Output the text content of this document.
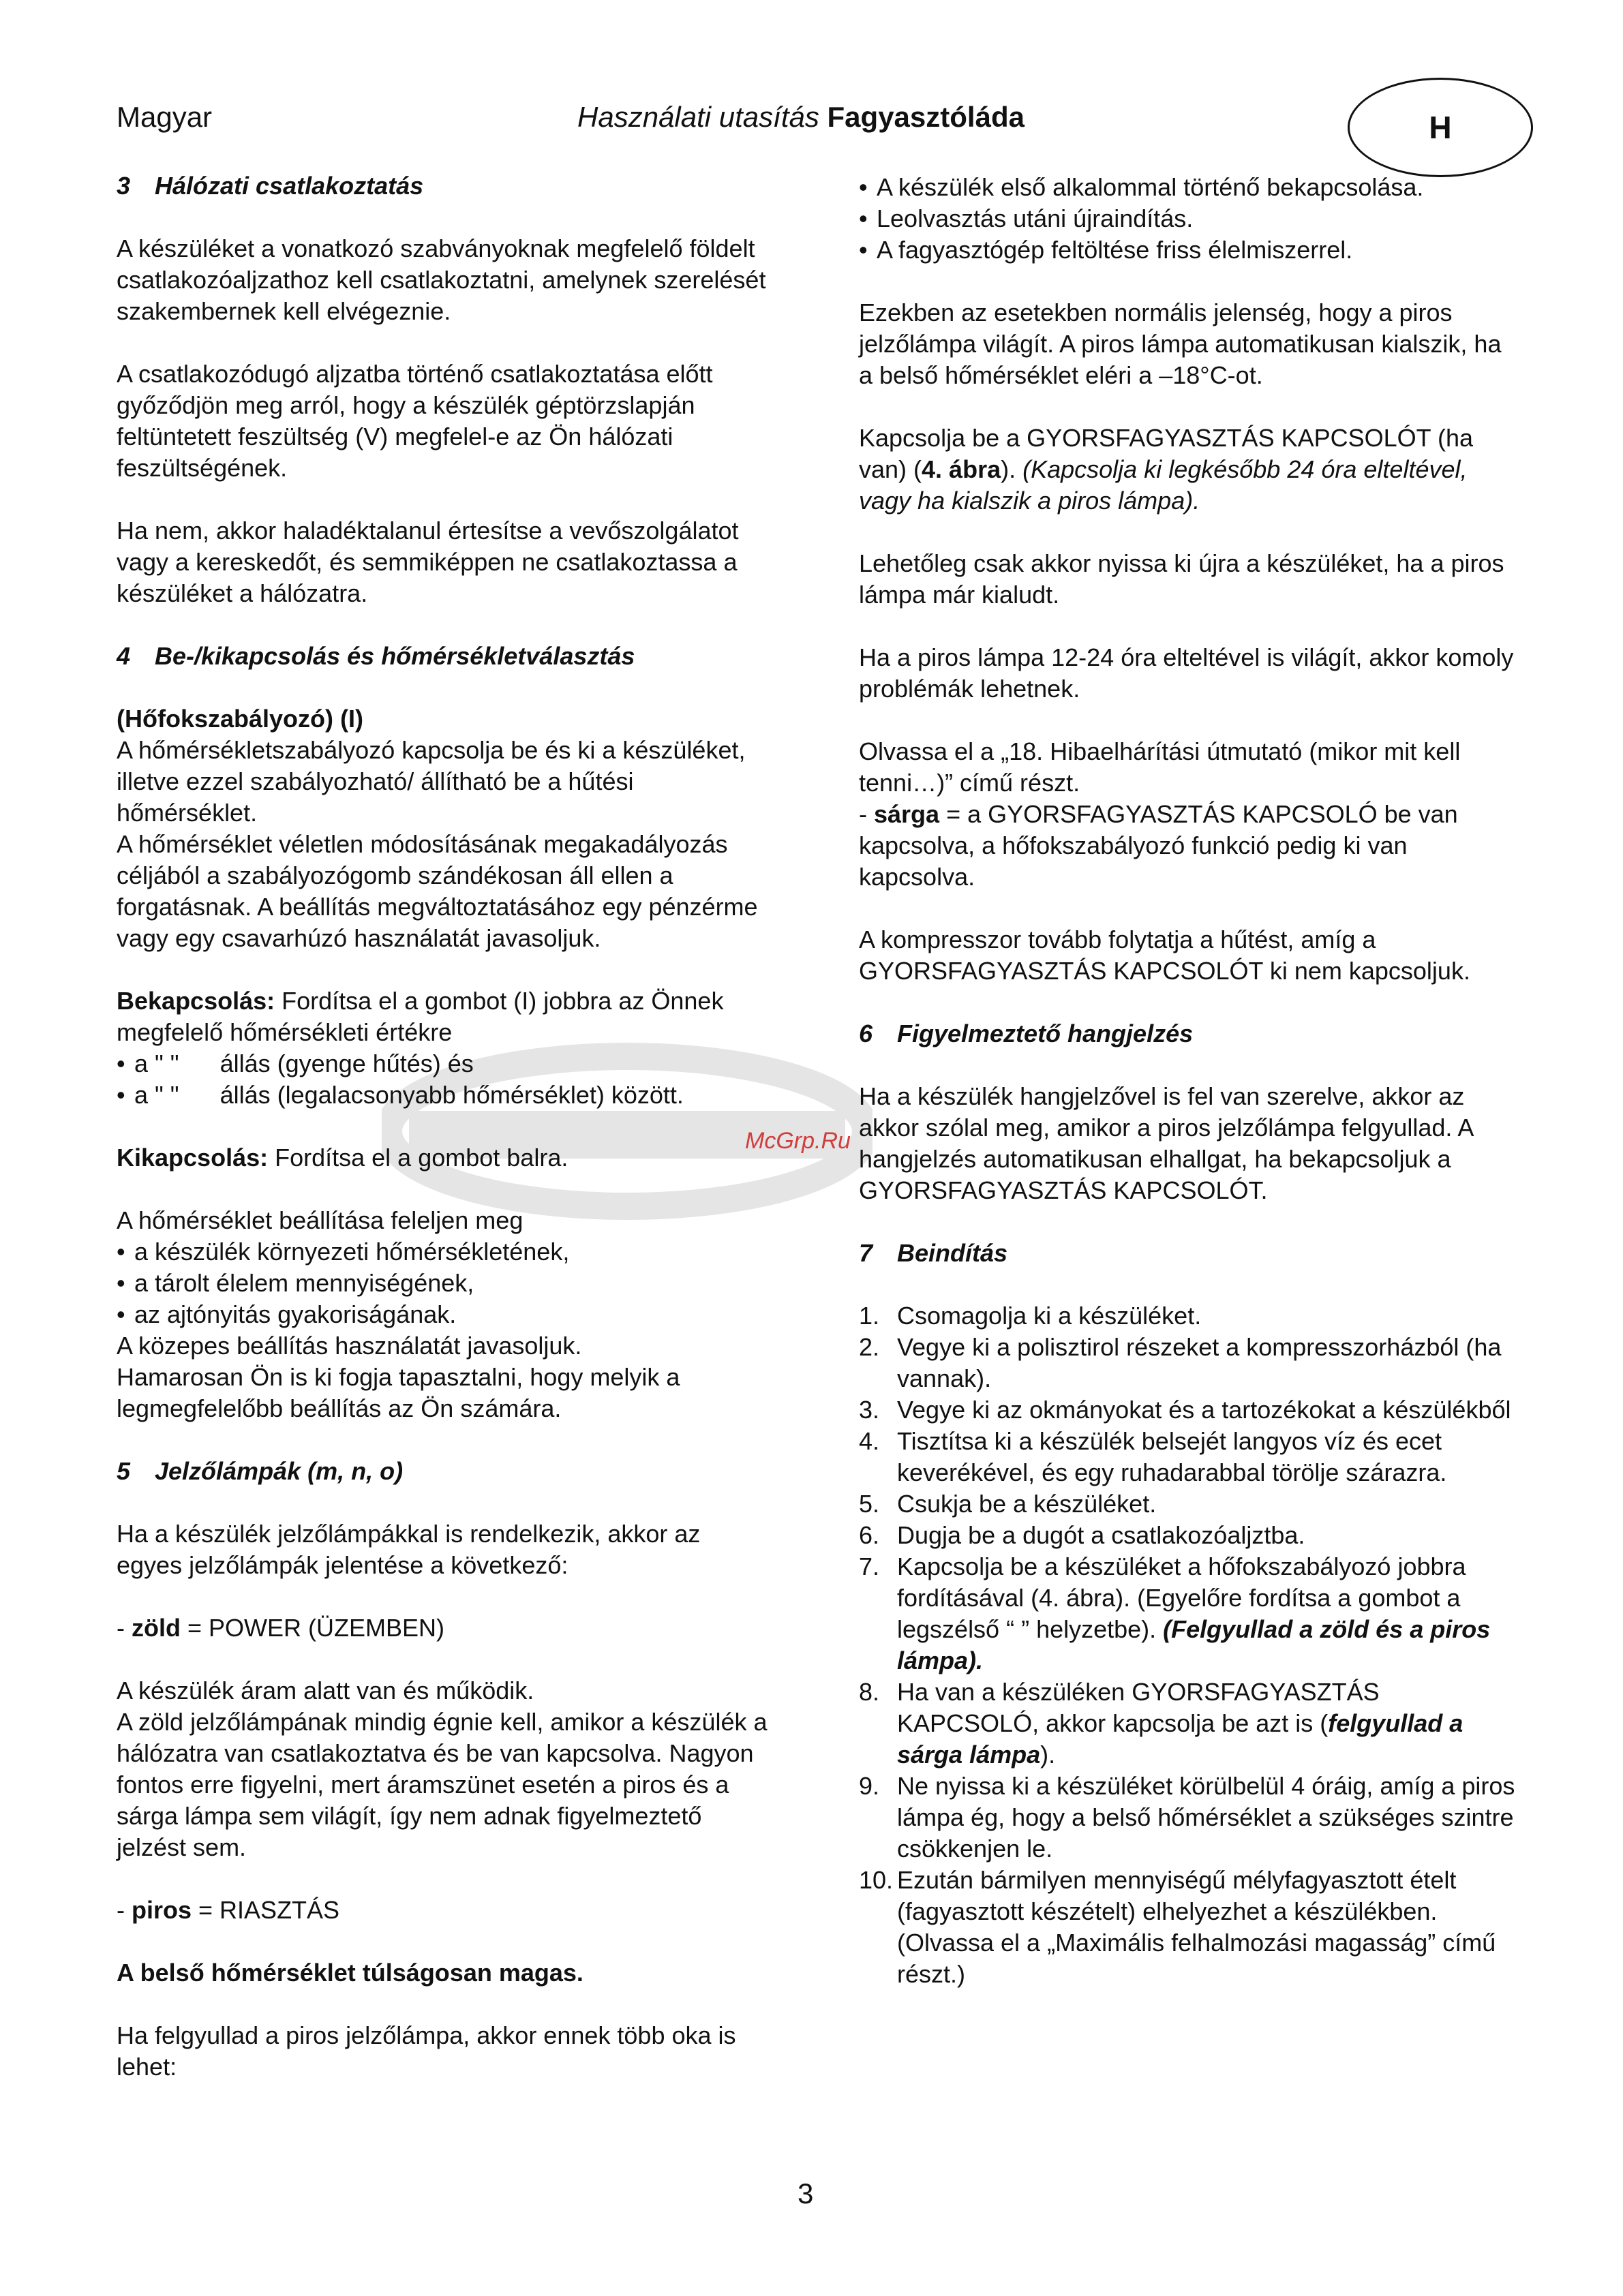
Magyar	Használati utasítás Fagyasztóláda	H
McGrp.Ru

3 Hálózati csatlakoztatás

A készüléket a vonatkozó szabványoknak megfelelő földelt csatlakozóaljzathoz kell csatlakoztatni, amelynek szerelését szakembernek kell elvégeznie.

A csatlakozódugó aljzatba történő csatlakoztatása előtt győződjön meg arról, hogy a készülék géptörzslapján feltüntetett feszültség (V) megfelel-e az Ön hálózati feszültségének.

Ha nem, akkor haladéktalanul értesítse a vevőszolgálatot vagy a kereskedőt, és semmiképpen ne csatlakoztassa a készüléket a hálózatra.

4 Be-/kikapcsolás és hőmérsékletválasztás

(Hőfokszabályozó) (I)

A hőmérsékletszabályozó kapcsolja be és ki a készüléket, illetve ezzel szabályozható/ állítható be a hűtési hőmérséklet.

A hőmérséklet véletlen módosításának megakadályozás céljából a szabályozógomb szándékosan áll ellen a forgatásnak. A beállítás megváltoztatásához egy pénzérme vagy egy csavarhúzó használatát javasoljuk.

Bekapcsolás: Fordítsa el a gombot (I) jobbra az Önnek megfelelő hőmérsékleti értékre

• a " " állás (gyenge hűtés) és
• a " " állás (legalacsonyabb hőmérséklet) között.

Kikapcsolás: Fordítsa el a gombot balra.

A hőmérséklet beállítása feleljen meg

• a készülék környezeti hőmérsékletének,
• a tárolt élelem mennyiségének,
• az ajtónyitás gyakoriságának.

A közepes beállítás használatát javasoljuk.

Hamarosan Ön is ki fogja tapasztalni, hogy melyik a legmegfelelőbb beállítás az Ön számára.

5 Jelzőlámpák (m, n, o)

Ha a készülék jelzőlámpákkal is rendelkezik, akkor az egyes jelzőlámpák jelentése a következő:

- zöld = POWER (ÜZEMBEN)

A készülék áram alatt van és működik.

A zöld jelzőlámpának mindig égnie kell, amikor a készülék a hálózatra van csatlakoztatva és be van kapcsolva. Nagyon fontos erre figyelni, mert áramszünet esetén a piros és a sárga lámpa sem világít, így nem adnak figyelmeztető jelzést sem.

- piros = RIASZTÁS

A belső hőmérséklet túlságosan magas.

Ha felgyullad a piros jelzőlámpa, akkor ennek több oka is lehet:

• A készülék első alkalommal történő bekapcsolása.
• Leolvasztás utáni újraindítás.
• A fagyasztógép feltöltése friss élelmiszerrel.

Ezekben az esetekben normális jelenség, hogy a piros jelzőlámpa világít. A piros lámpa automatikusan kialszik, ha a belső hőmérséklet eléri a –18°C-ot.

Kapcsolja be a GYORSFAGYASZTÁS KAPCSOLÓT (ha van) (4. ábra). (Kapcsolja ki legkésőbb 24 óra elteltével, vagy ha kialszik a piros lámpa).

Lehetőleg csak akkor nyissa ki újra a készüléket, ha a piros lámpa már kialudt.

Ha a piros lámpa 12-24 óra elteltével is világít, akkor komoly problémák lehetnek.

Olvassa el a „18. Hibaelhárítási útmutató (mikor mit kell tenni…)” című részt.

- sárga = a GYORSFAGYASZTÁS KAPCSOLÓ be van kapcsolva, a hőfokszabályozó funkció pedig ki van kapcsolva.

A kompresszor tovább folytatja a hűtést, amíg a GYORSFAGYASZTÁS KAPCSOLÓT ki nem kapcsoljuk.

6 Figyelmeztető hangjelzés

Ha a készülék hangjelzővel is fel van szerelve, akkor az akkor szólal meg, amikor a piros jelzőlámpa felgyullad. A hangjelzés automatikusan elhallgat, ha bekapcsoljuk a GYORSFAGYASZTÁS KAPCSOLÓT.

7 Beindítás

1. Csomagolja ki a készüléket.
2. Vegye ki a polisztirol részeket a kompresszorházból (ha vannak).
3. Vegye ki az okmányokat és a tartozékokat a készülékből
4. Tisztítsa ki a készülék belsejét langyos víz és ecet keverékével, és egy ruhadarabbal törölje szárazra.
5. Csukja be a készüléket.
6. Dugja be a dugót a csatlakozóaljztba.
7. Kapcsolja be a készüléket a hőfokszabályozó jobbra fordításával (4. ábra). (Egyelőre fordítsa a gombot a legszélső “ ” helyzetbe). (Felgyullad a zöld és a piros lámpa).
8. Ha van a készüléken GYORSFAGYASZTÁS KAPCSOLÓ, akkor kapcsolja be azt is (felgyullad a sárga lámpa).
9. Ne nyissa ki a készüléket körülbelül 4 óráig, amíg a piros lámpa ég, hogy a belső hőmérséklet a szükséges szintre csökkenjen le.
10. Ezután bármilyen mennyiségű mélyfagyasztott ételt (fagyasztott készételt) elhelyezhet a készülékben.
(Olvassa el a „Maximális felhalmozási magasság” című részt.)
3
